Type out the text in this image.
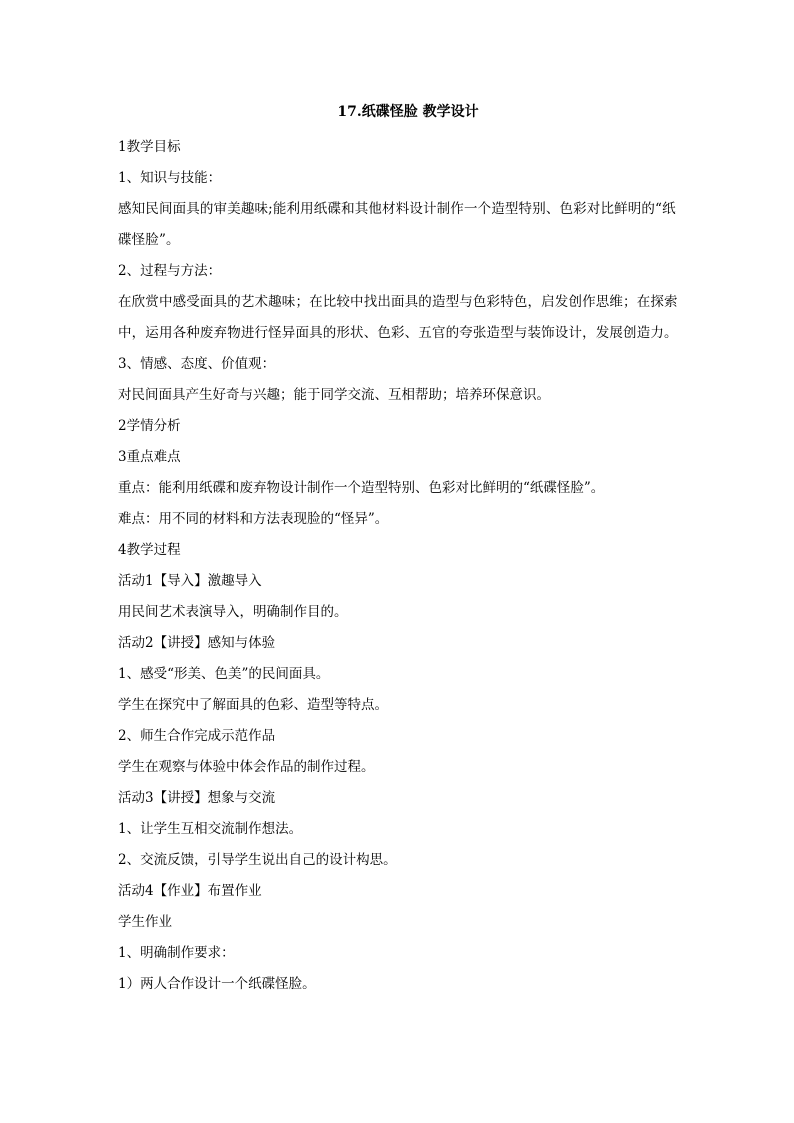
17.纸碟怪脸 教学设计

1教学目标

1、知识与技能：

感知民间面具的审美趣味;能利用纸碟和其他材料设计制作一个造型特别、色彩对比鲜明的“纸碟怪脸”。

2、过程与方法：

在欣赏中感受面具的艺术趣味；在比较中找出面具的造型与色彩特色，启发创作思维；在探索中，运用各种废弃物进行怪异面具的形状、色彩、五官的夸张造型与装饰设计，发展创造力。

3、情感、态度、价值观：

对民间面具产生好奇与兴趣；能于同学交流、互相帮助；培养环保意识。

2学情分析

3重点难点

重点：能利用纸碟和废弃物设计制作一个造型特别、色彩对比鲜明的“纸碟怪脸”。

难点：用不同的材料和方法表现脸的“怪异”。

4教学过程

活动1【导入】激趣导入

用民间艺术表演导入，明确制作目的。

活动2【讲授】感知与体验

1、感受“形美、色美”的民间面具。

学生在探究中了解面具的色彩、造型等特点。

2、师生合作完成示范作品

学生在观察与体验中体会作品的制作过程。

活动3【讲授】想象与交流

1、让学生互相交流制作想法。

2、交流反馈，引导学生说出自己的设计构思。

活动4【作业】布置作业

学生作业

1、明确制作要求：

1）两人合作设计一个纸碟怪脸。
